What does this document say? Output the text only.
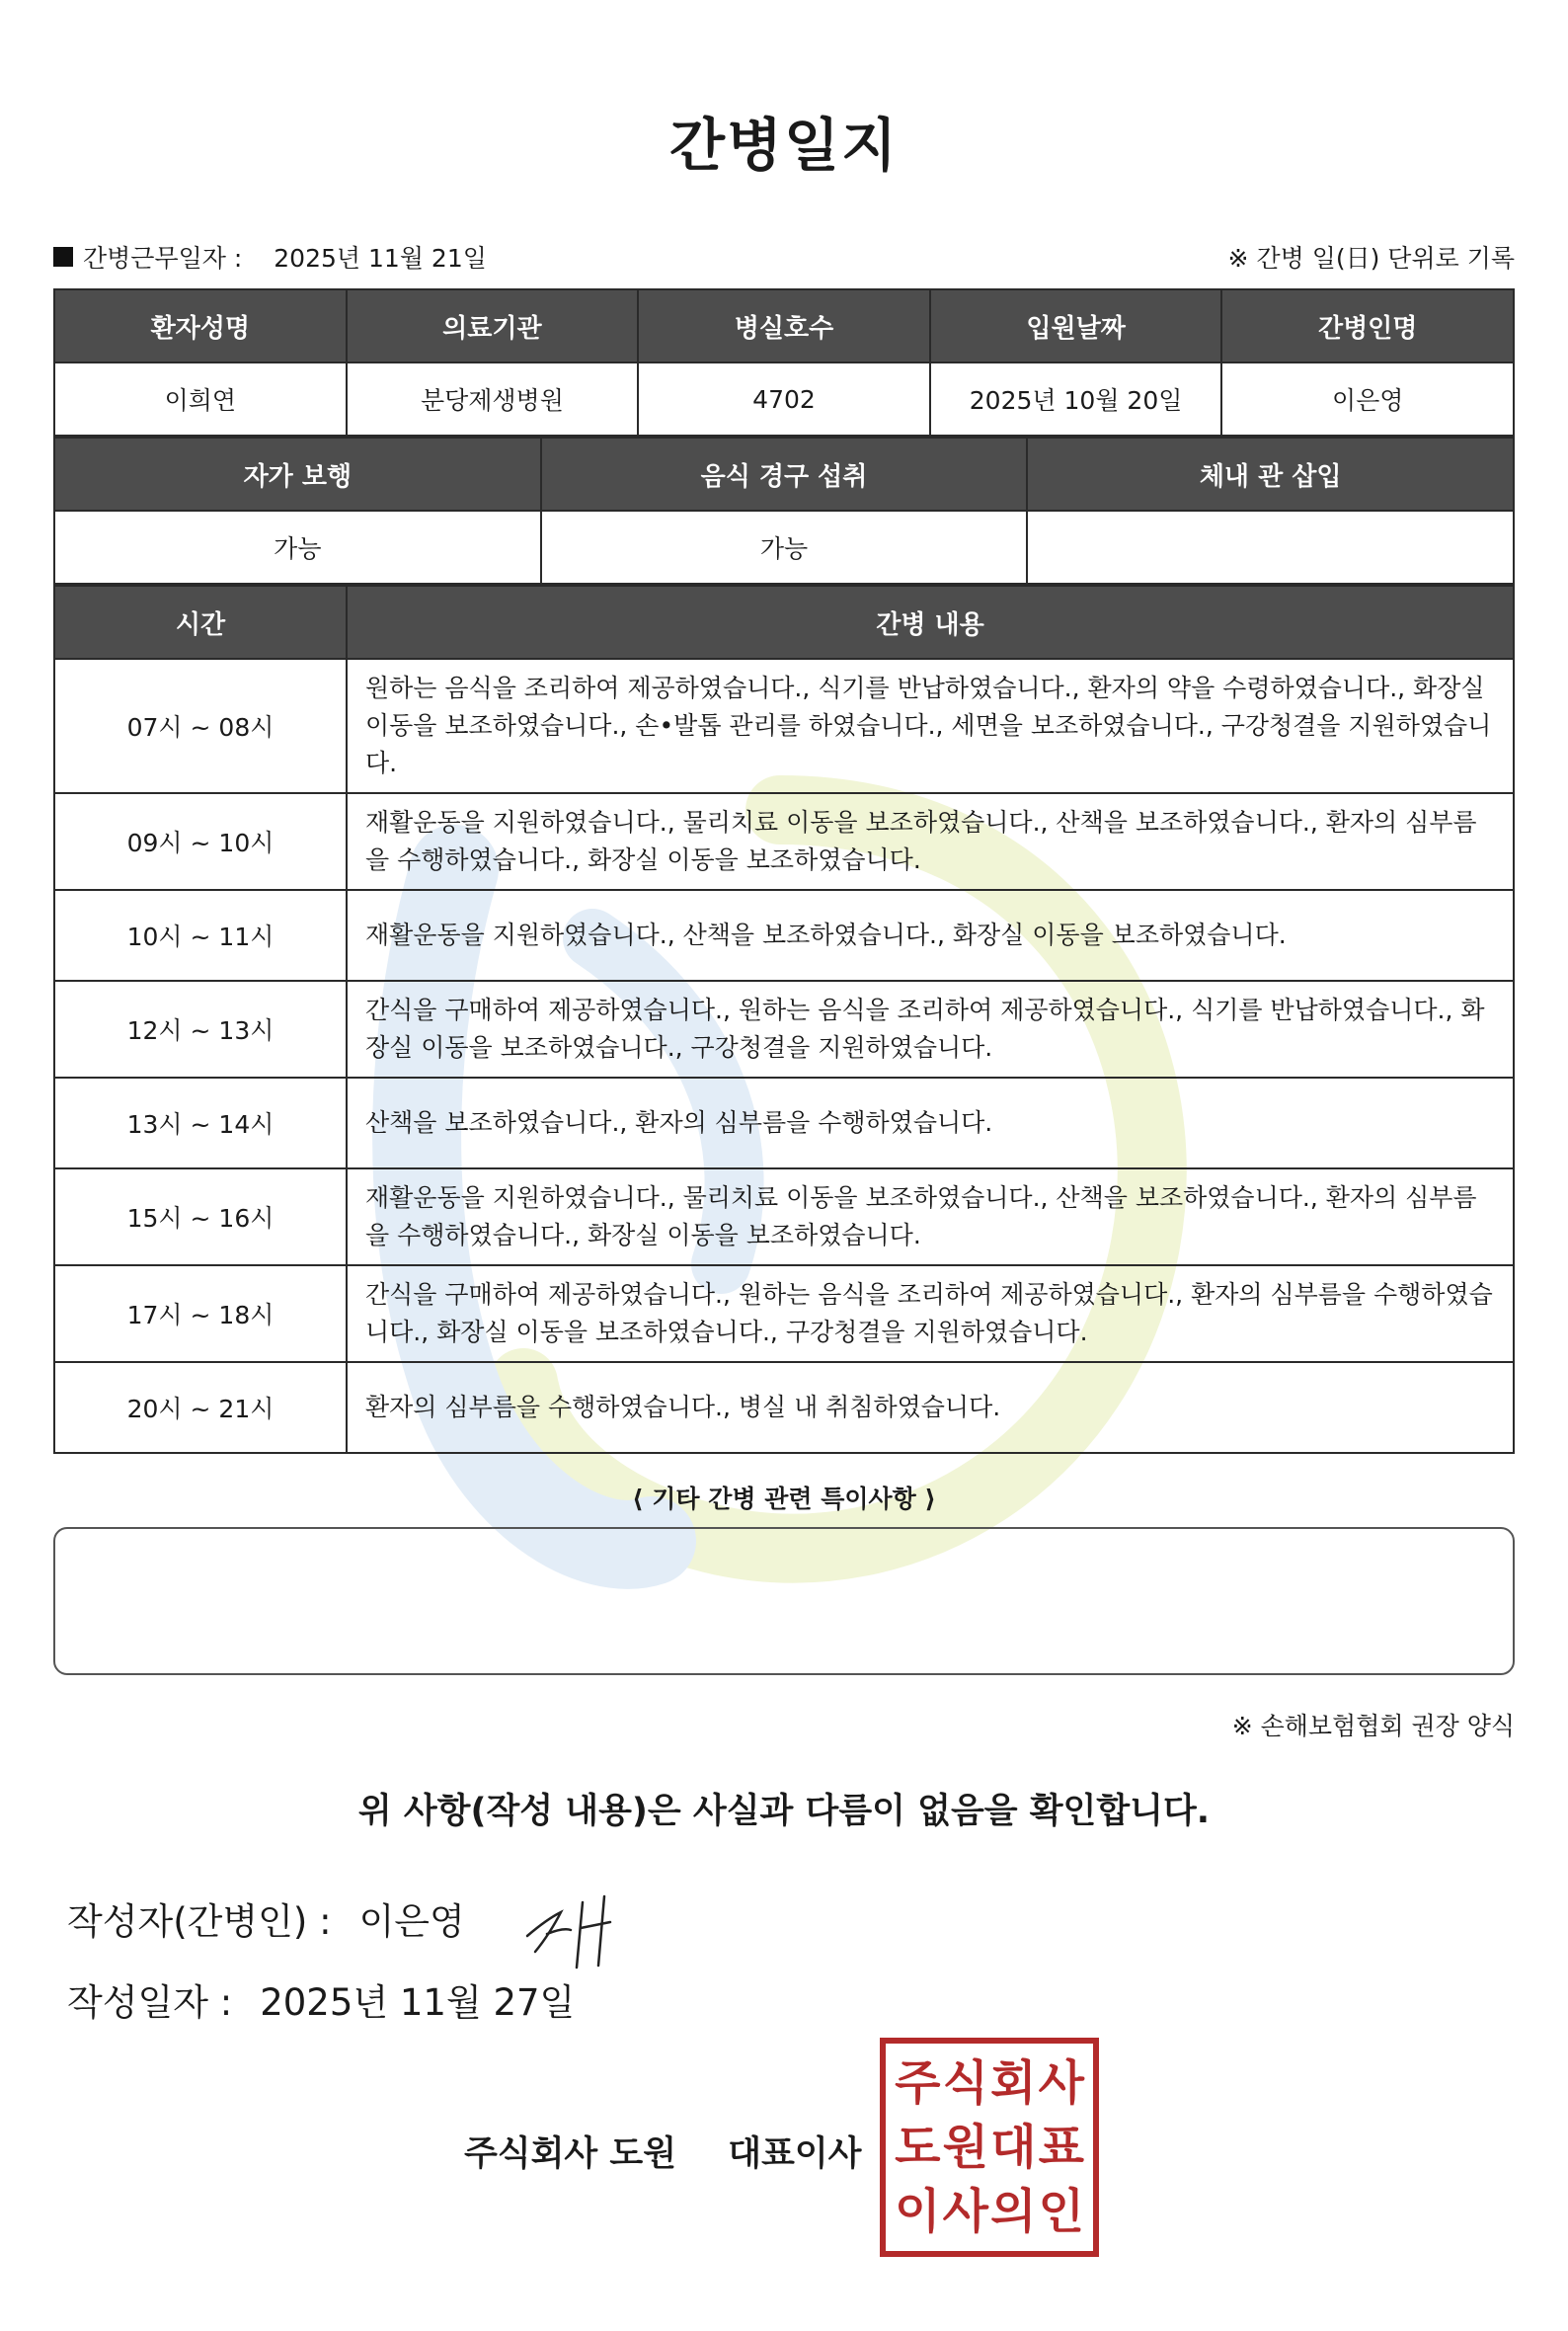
간병일지
간병근무일자 : 2025년 11월 21일	※ 간병 일(日) 단위로 기록
환자성명	의료기관	병실호수	입원날짜	간병인명
이희연	분당제생병원	4702	2025년 10월 20일	이은영
자가 보행	음식 경구 섭취	체내 관 삽입
가능	가능	
시간	간병 내용
07시 ~ 08시	원하는 음식을 조리하여 제공하였습니다., 식기를 반납하였습니다., 환자의 약을 수령하였습니다., 화장실 이동을 보조하였습니다., 손•발톱 관리를 하였습니다., 세면을 보조하였습니다., 구강청결을 지원하였습니다.
09시 ~ 10시	재활운동을 지원하였습니다., 물리치료 이동을 보조하였습니다., 산책을 보조하였습니다., 환자의 심부름을 수행하였습니다., 화장실 이동을 보조하였습니다.
10시 ~ 11시	재활운동을 지원하였습니다., 산책을 보조하였습니다., 화장실 이동을 보조하였습니다.
12시 ~ 13시	간식을 구매하여 제공하였습니다., 원하는 음식을 조리하여 제공하였습니다., 식기를 반납하였습니다., 화장실 이동을 보조하였습니다., 구강청결을 지원하였습니다.
13시 ~ 14시	산책을 보조하였습니다., 환자의 심부름을 수행하였습니다.
15시 ~ 16시	재활운동을 지원하였습니다., 물리치료 이동을 보조하였습니다., 산책을 보조하였습니다., 환자의 심부름을 수행하였습니다., 화장실 이동을 보조하였습니다.
17시 ~ 18시	간식을 구매하여 제공하였습니다., 원하는 음식을 조리하여 제공하였습니다., 환자의 심부름을 수행하였습니다., 화장실 이동을 보조하였습니다., 구강청결을 지원하였습니다.
20시 ~ 21시	환자의 심부름을 수행하였습니다., 병실 내 취침하였습니다.
⟨ 기타 간병 관련 특이사항 ⟩
※ 손해보험협회 권장 양식
위 사항(작성 내용)은 사실과 다름이 없음을 확인합니다.
작성자(간병인) : 이은영
작성일자 : 2025년 11월 27일
주식회사 도원 대표이사
주 식 회 사
도 원 대 표
이 사 의 인
